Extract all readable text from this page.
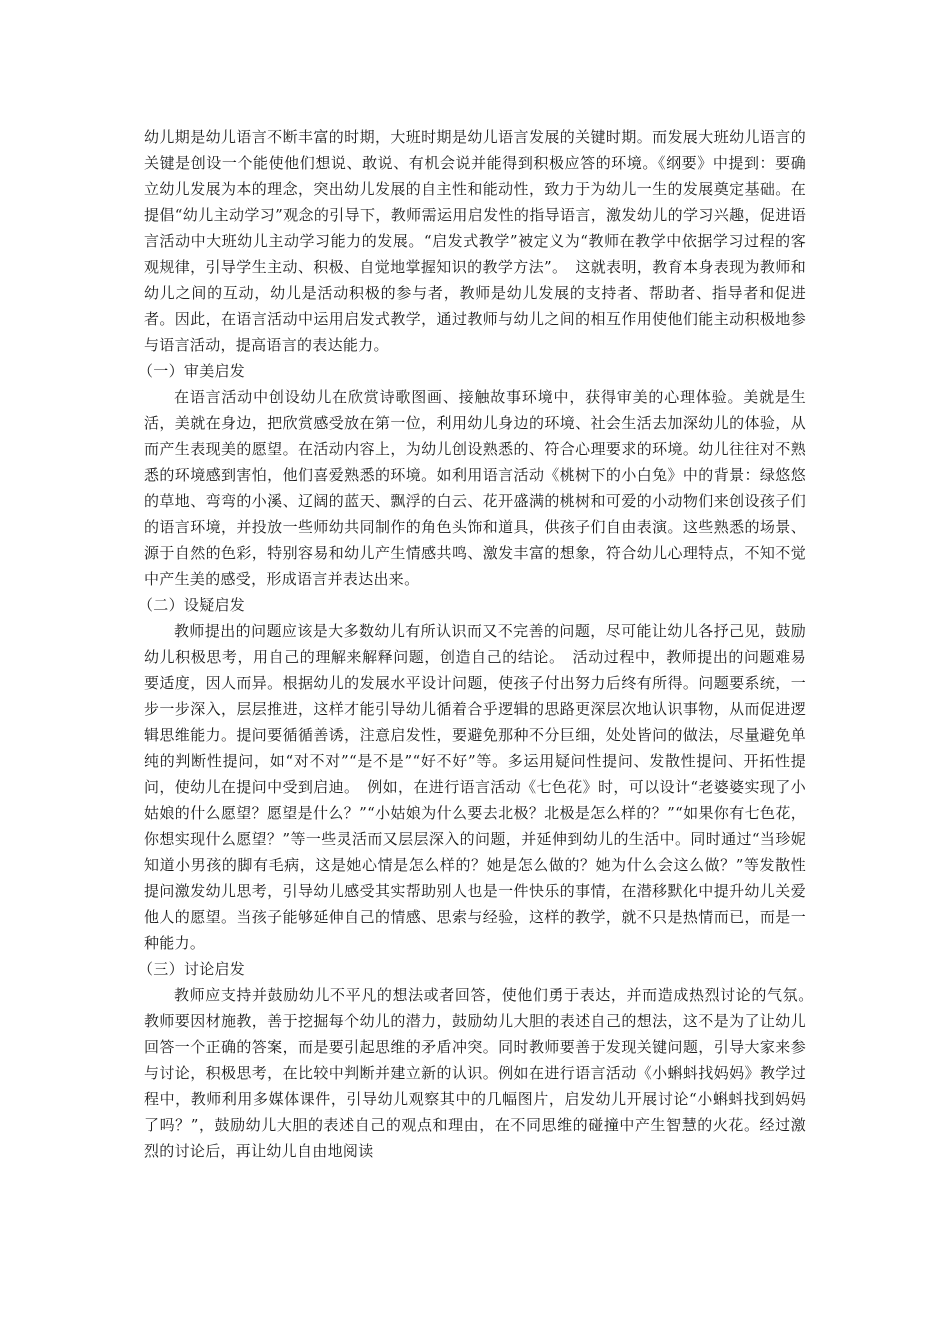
幼儿期是幼儿语言不断丰富的时期，大班时期是幼儿语言发展的关键时期。而发展大班幼儿语言的关键是创设一个能使他们想说、敢说、有机会说并能得到积极应答的环境。《纲要》中提到：要确立幼儿发展为本的理念，突出幼儿发展的自主性和能动性，致力于为幼儿一生的发展奠定基础。在提倡“幼儿主动学习”观念的引导下，教师需运用启发性的指导语言，激发幼儿的学习兴趣，促进语言活动中大班幼儿主动学习能力的发展。“启发式教学”被定义为“教师在教学中依据学习过程的客观规律，引导学生主动、积极、自觉地掌握知识的教学方法”。　这就表明，教育本身表现为教师和幼儿之间的互动，幼儿是活动积极的参与者，教师是幼儿发展的支持者、帮助者、指导者和促进者。因此，在语言活动中运用启发式教学，通过教师与幼儿之间的相互作用使他们能主动积极地参与语言活动，提高语言的表达能力。

（一）审美启发

在语言活动中创设幼儿在欣赏诗歌图画、接触故事环境中，获得审美的心理体验。美就是生活，美就在身边，把欣赏感受放在第一位，利用幼儿身边的环境、社会生活去加深幼儿的体验，从而产生表现美的愿望。在活动内容上，为幼儿创设熟悉的、符合心理要求的环境。幼儿往往对不熟悉的环境感到害怕，他们喜爱熟悉的环境。如利用语言活动《桃树下的小白兔》中的背景：绿悠悠的草地、弯弯的小溪、辽阔的蓝天、飘浮的白云、花开盛满的桃树和可爱的小动物们来创设孩子们的语言环境，并投放一些师幼共同制作的角色头饰和道具，供孩子们自由表演。这些熟悉的场景、源于自然的色彩，特别容易和幼儿产生情感共鸣、激发丰富的想象，符合幼儿心理特点，不知不觉中产生美的感受，形成语言并表达出来。

（二）设疑启发

教师提出的问题应该是大多数幼儿有所认识而又不完善的问题，尽可能让幼儿各抒己见，鼓励幼儿积极思考，用自己的理解来解释问题，创造自己的结论。　活动过程中，教师提出的问题难易要适度，因人而异。根据幼儿的发展水平设计问题，使孩子付出努力后终有所得。问题要系统，一步一步深入，层层推进，这样才能引导幼儿循着合乎逻辑的思路更深层次地认识事物，从而促进逻辑思维能力。提问要循循善诱，注意启发性，要避免那种不分巨细，处处皆问的做法，尽量避免单纯的判断性提问，如“对不对”“是不是”“好不好”等。多运用疑问性提问、发散性提问、开拓性提问，使幼儿在提问中受到启迪。　例如，在进行语言活动《七色花》时，可以设计“老婆婆实现了小姑娘的什么愿望？愿望是什么？”“小姑娘为什么要去北极？北极是怎么样的？”“如果你有七色花，你想实现什么愿望？”等一些灵活而又层层深入的问题，并延伸到幼儿的生活中。同时通过“当珍妮知道小男孩的脚有毛病，这是她心情是怎么样的？她是怎么做的？她为什么会这么做？”等发散性提问激发幼儿思考，引导幼儿感受其实帮助别人也是一件快乐的事情，在潜移默化中提升幼儿关爱他人的愿望。当孩子能够延伸自己的情感、思索与经验，这样的教学，就不只是热情而已，而是一种能力。

（三）讨论启发

教师应支持并鼓励幼儿不平凡的想法或者回答，使他们勇于表达，并而造成热烈讨论的气氛。　教师要因材施教，善于挖掘每个幼儿的潜力，鼓励幼儿大胆的表述自己的想法，这不是为了让幼儿回答一个正确的答案，而是要引起思维的矛盾冲突。同时教师要善于发现关键问题，引导大家来参与讨论，积极思考，在比较中判断并建立新的认识。例如在进行语言活动《小蝌蚪找妈妈》教学过程中，教师利用多媒体课件，引导幼儿观察其中的几幅图片，启发幼儿开展讨论“小蝌蚪找到妈妈了吗？”，鼓励幼儿大胆的表述自己的观点和理由，在不同思维的碰撞中产生智慧的火花。经过激烈的讨论后，再让幼儿自由地阅读
